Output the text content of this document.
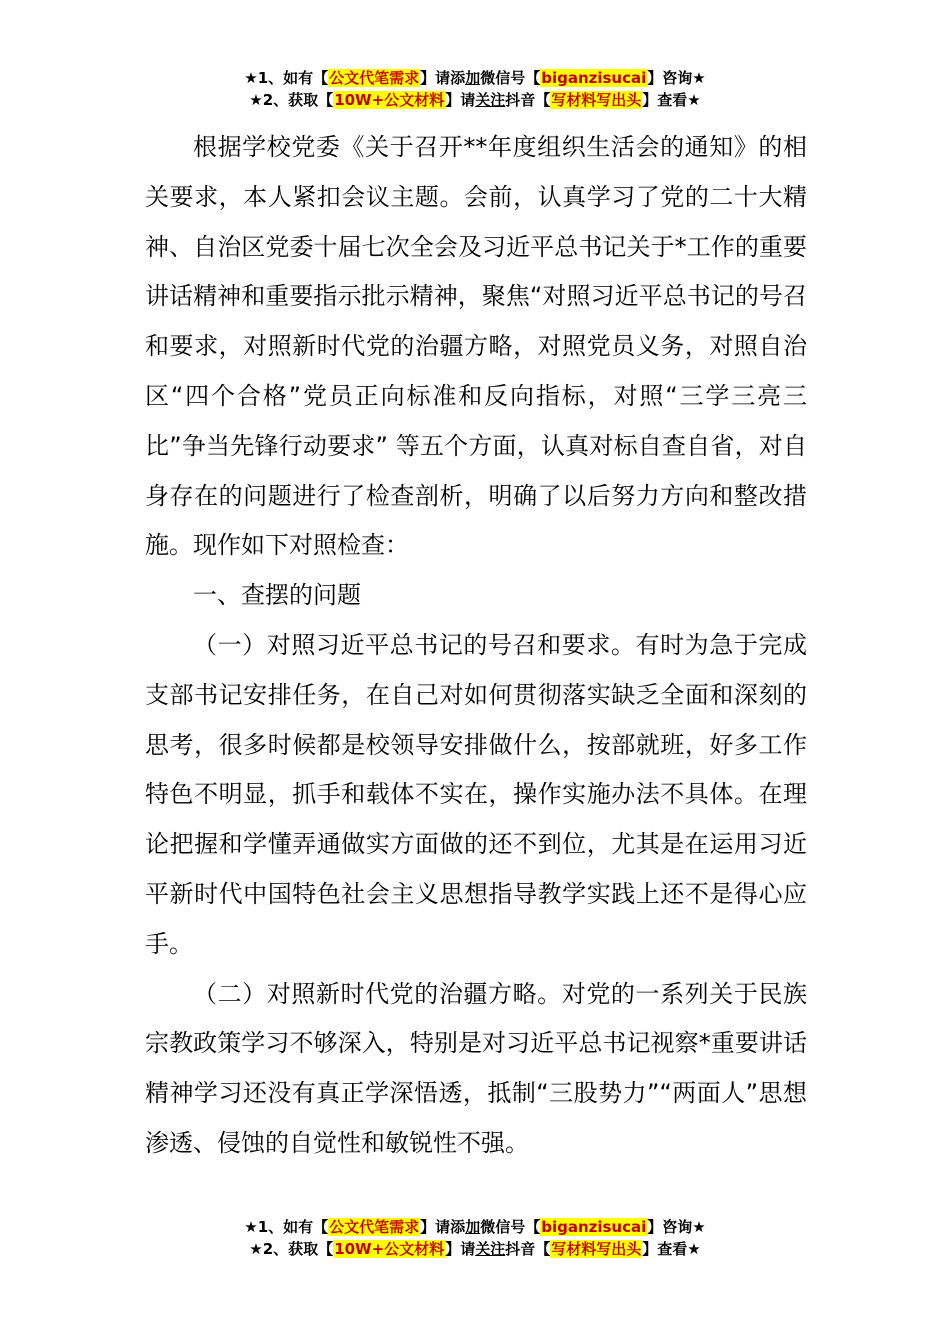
★1、如有【公文代笔需求】请添加微信号【biganzisucai】咨询★
★2、获取【10W+公文材料】请关注抖音【写材料写出头】查看★

根据学校党委《关于召开**年度组织生活会的通知》的相关要求，本人紧扣会议主题。会前，认真学习了党的二十大精神、自治区党委十届七次全会及习近平总书记关于*工作的重要讲话精神和重要指示批示精神，聚焦“对照习近平总书记的号召和要求，对照新时代党的治疆方略，对照党员义务，对照自治区“四个合格”党员正向标准和反向指标，对照“三学三亮三比”争当先锋行动要求” 等五个方面，认真对标自查自省，对自身存在的问题进行了检查剖析，明确了以后努力方向和整改措施。现作如下对照检查：

一、查摆的问题

（一）对照习近平总书记的号召和要求。有时为急于完成支部书记安排任务，在自己对如何贯彻落实缺乏全面和深刻的思考，很多时候都是校领导安排做什么，按部就班，好多工作特色不明显，抓手和载体不实在，操作实施办法不具体。在理论把握和学懂弄通做实方面做的还不到位，尤其是在运用习近平新时代中国特色社会主义思想指导教学实践上还不是得心应手。

（二）对照新时代党的治疆方略。对党的一系列关于民族宗教政策学习不够深入，特别是对习近平总书记视察*重要讲话精神学习还没有真正学深悟透，抵制“三股势力”“两面人”思想渗透、侵蚀的自觉性和敏锐性不强。

★1、如有【公文代笔需求】请添加微信号【biganzisucai】咨询★
★2、获取【10W+公文材料】请关注抖音【写材料写出头】查看★
